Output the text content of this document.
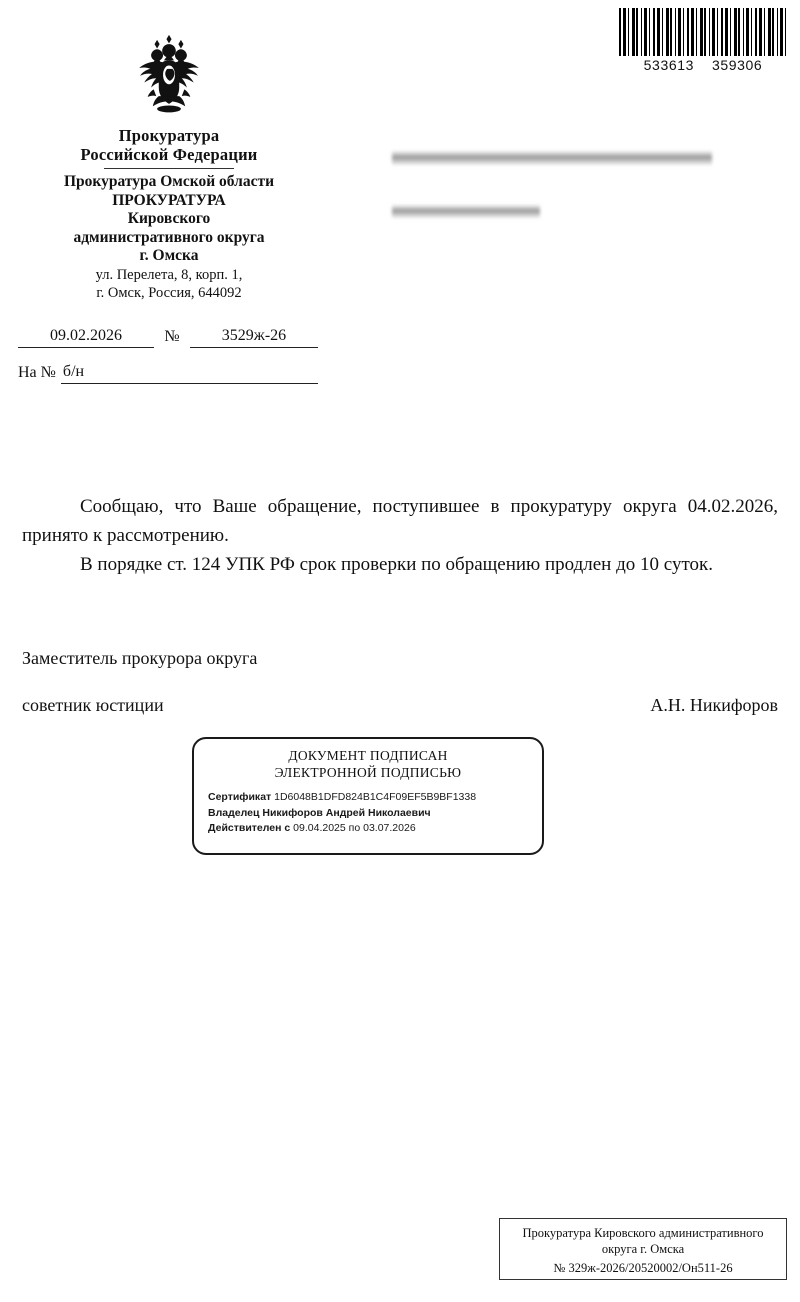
533613 359306
Прокуратура
Российской Федерации
Прокуратура Омской области
ПРОКУРАТУРА
Кировского
административного округа
г. Омска
ул. Перелета, 8, корп. 1,
г. Омск, Россия, 644092
09.02.2026	№	3529ж-26
На № б/н

Сообщаю, что Ваше обращение, поступившее в прокуратуру округа 04.02.2026, принято к рассмотрению.

В порядке ст. 124 УПК РФ срок проверки по обращению продлен до 10 суток.

Заместитель прокурора округа
советник юстиции	А.Н. Никифоров
ДОКУМЕНТ ПОДПИСАН
ЭЛЕКТРОННОЙ ПОДПИСЬЮ
Сертификат 1D6048B1DFD824B1C4F09EF5B9BF1338
Владелец Никифоров Андрей Николаевич
Действителен с 09.04.2025 по 03.07.2026
Прокуратура Кировского административного
округа г. Омска
№ 329ж-2026/20520002/Он511-26
